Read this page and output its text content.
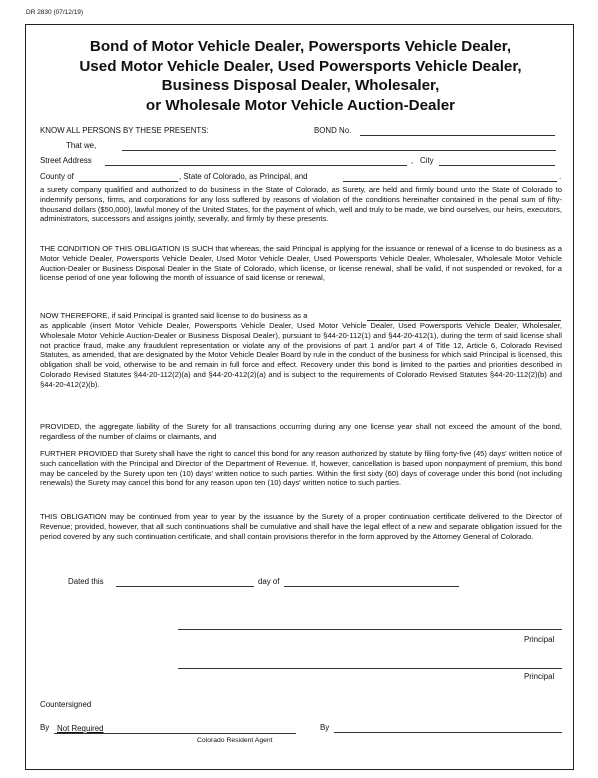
DR 2830 (07/12/19)
Bond of Motor Vehicle Dealer, Powersports Vehicle Dealer,
Used Motor Vehicle Dealer, Used Powersports Vehicle Dealer,
Business Disposal Dealer, Wholesaler,
or Wholesale Motor Vehicle Auction-Dealer
KNOW ALL PERSONS BY THESE PRESENTS:	BOND No.
That we,
Street Address	, City
County of	, State of Colorado, as Principal, and	.
a surety company qualified and authorized to do business in the State of Colorado, as Surety, are held and firmly bound unto the State of Colorado to indemnify persons, firms, and corporations for any loss suffered by reasons of violation of the conditions hereinafter contained in the penal sum of fifty-thousand dollars ($50,000), lawful money of the United States, for the payment of which, well and truly to be made, we bind ourselves, our heirs, executors, administrators, successors and assigns jointly, severally, and firmly by these presents.
THE CONDITION OF THIS OBLIGATION IS SUCH that whereas, the said Principal is applying for the issuance or renewal of a license to do business as a Motor Vehicle Dealer, Powersports Vehicle Dealer, Used Motor Vehicle Dealer, Used Powersports Vehicle Dealer, Wholesaler, Wholesale Motor Vehicle Auction-Dealer or Business Disposal Dealer in the State of Colorado, which license, or license renewal, shall be valid, if not suspended or revoked, for a license period of one year following the month of issuance of said license or renewal,
NOW THEREFORE, if said Principal is granted said license to do business as a
as applicable (insert Motor Vehicle Dealer, Powersports Vehicle Dealer, Used Motor Vehicle Dealer, Used Powersports Vehicle Dealer, Wholesaler, Wholesale Motor Vehicle Auction-Dealer or Business Disposal Dealer), pursuant to §44-20-112(1) and §44-20-412(1), during the term of said license shall not practice fraud, make any fraudulent representation or violate any of the provisions of part 1 and/or part 4 of Title 12, Article 6, Colorado Revised Statutes, as amended, that are designated by the Motor Vehicle Dealer Board by rule in the conduct of the business for which said Principal is licensed, this obligation shall be void, otherwise to be and remain in full force and effect. Recovery under this bond is limited to the parties and priorities described in Colorado Revised Statutes §44-20-112(2)(a) and §44-20-412(2)(a) and is subject to the requirements of Colorado Revised Statutes §44-20-112(2)(b) and §44-20-412(2)(b).
PROVIDED, the aggregate liability of the Surety for all transactions occurring during any one license year shall not exceed the amount of the bond, regardless of the number of claims or claimants, and
FURTHER PROVIDED that Surety shall have the right to cancel this bond for any reason authorized by statute by filing forty-five (45) days' written notice of such cancellation with the Principal and Director of the Department of Revenue. If, however, cancellation is based upon nonpayment of premium, this bond may be canceled by the Surety upon ten (10) days' written notice to such parties. Within the first sixty (60) days of coverage under this bond (not including renewals) the Surety may cancel this bond for any reason upon ten (10) days' written notice to such parties.
THIS OBLIGATION may be continued from year to year by the issuance by the Surety of a proper continuation certificate delivered to the Director of Revenue; provided, however, that all such continuations shall be cumulative and shall have the legal effect of a new and separate obligation issued for the period covered by any such continuation certificate, and shall contain provisions therefor in the form approved by the Attorney General of Colorado.
Dated this	day of
Principal
Principal
Countersigned
By Not Required
Colorado Resident Agent
By
